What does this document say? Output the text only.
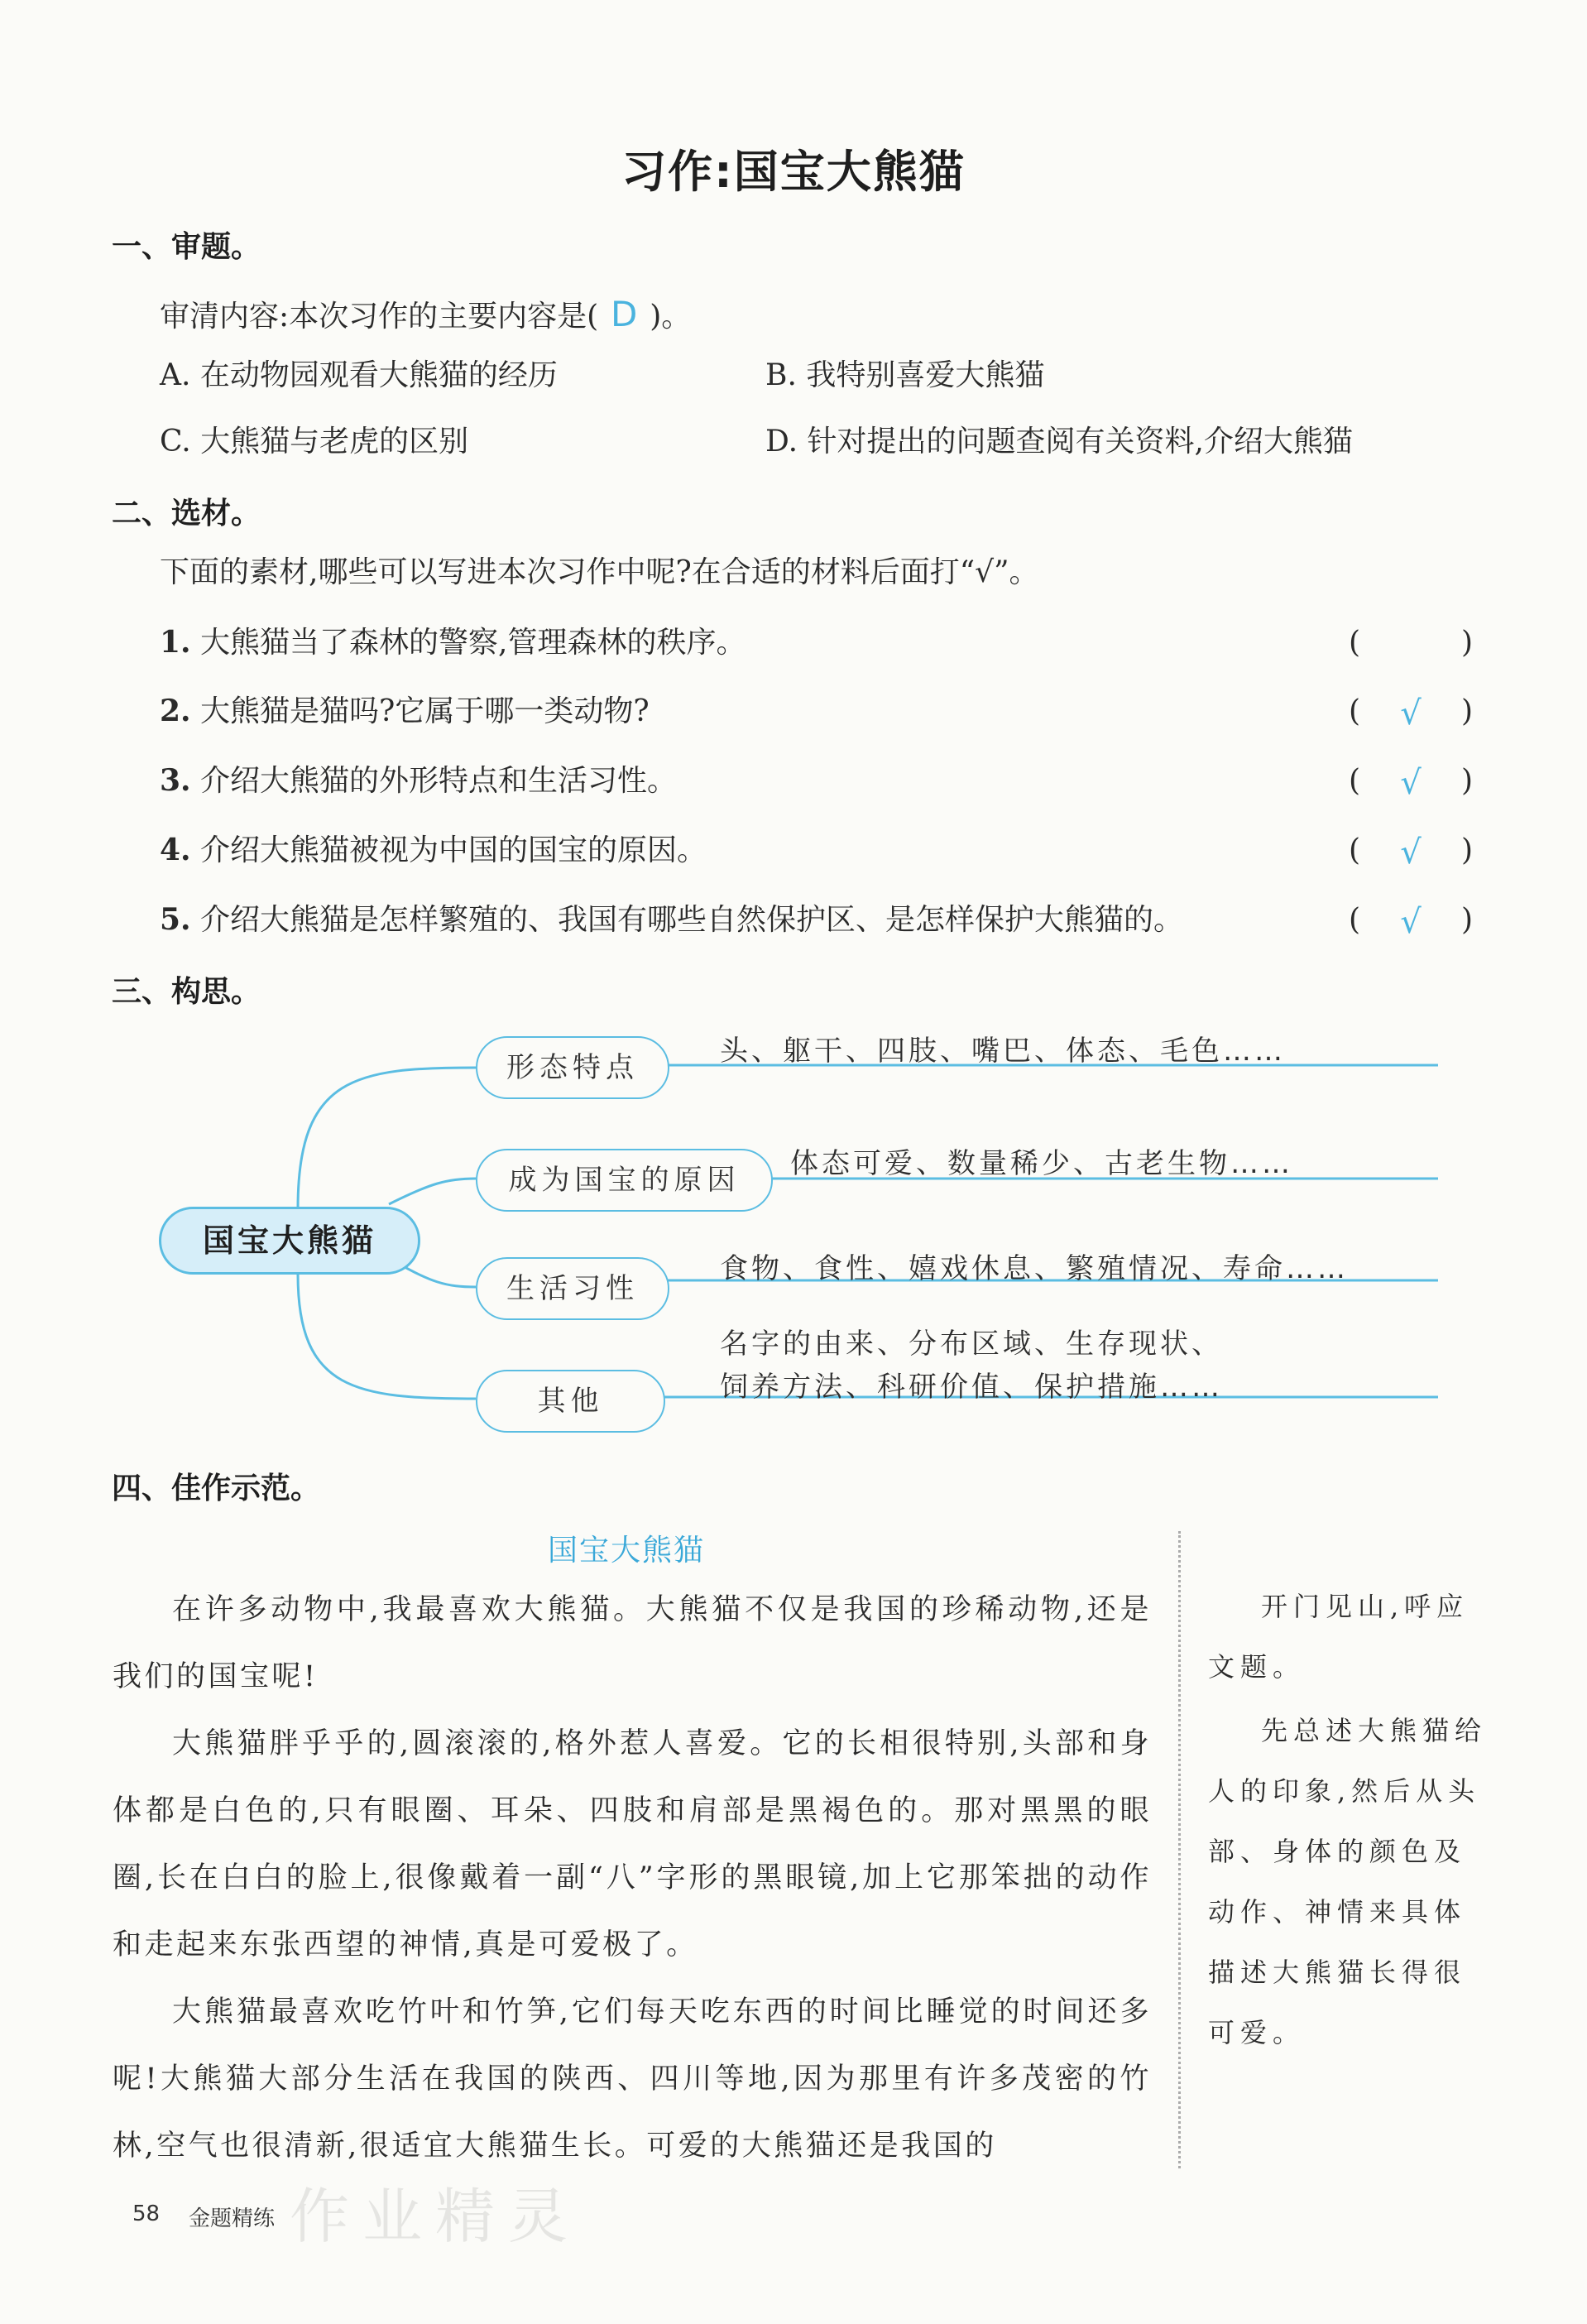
习作:国宝大熊猫
一、审题。
审清内容:本次习作的主要内容是( D )。
A. 在动物园观看大熊猫的经历	B. 我特别喜爱大熊猫
C. 大熊猫与老虎的区别	D. 针对提出的问题查阅有关资料,介绍大熊猫
二、选材。
下面的素材,哪些可以写进本次习作中呢?在合适的材料后面打“√”。
1. 大熊猫当了森林的警察,管理森林的秩序。	(	)
2. 大熊猫是猫吗?它属于哪一类动物?	( √ )
3. 介绍大熊猫的外形特点和生活习性。	( √ )
4. 介绍大熊猫被视为中国的国宝的原因。	( √ )
5. 介绍大熊猫是怎样繁殖的、我国有哪些自然保护区、是怎样保护大熊猫的。	( √ )
三、构思。
国宝大熊猫
形态特点
成为国宝的原因
生活习性
其他
头、躯干、四肢、嘴巴、体态、毛色……
体态可爱、数量稀少、古老生物……
食物、食性、嬉戏休息、繁殖情况、寿命……
名字的由来、分布区域、生存现状、
饲养方法、科研价值、保护措施……
四、佳作示范。
国宝大熊猫

在许多动物中,我最喜欢大熊猫。大熊猫不仅是我国的珍稀动物,还是我们的国宝呢!

大熊猫胖乎乎的,圆滚滚的,格外惹人喜爱。它的长相很特别,头部和身体都是白色的,只有眼圈、耳朵、四肢和肩部是黑褐色的。那对黑黑的眼圈,长在白白的脸上,很像戴着一副“八”字形的黑眼镜,加上它那笨拙的动作和走起来东张西望的神情,真是可爱极了。

大熊猫最喜欢吃竹叶和竹笋,它们每天吃东西的时间比睡觉的时间还多呢!大熊猫大部分生活在我国的陕西、四川等地,因为那里有许多茂密的竹林,空气也很清新,很适宜大熊猫生长。可爱的大熊猫还是我国的

开门见山,呼应文题。

先总述大熊猫给人的印象,然后从头部、身体的颜色及动作、神情来具体描述大熊猫长得很可爱。

作业精灵
58 金题精练
